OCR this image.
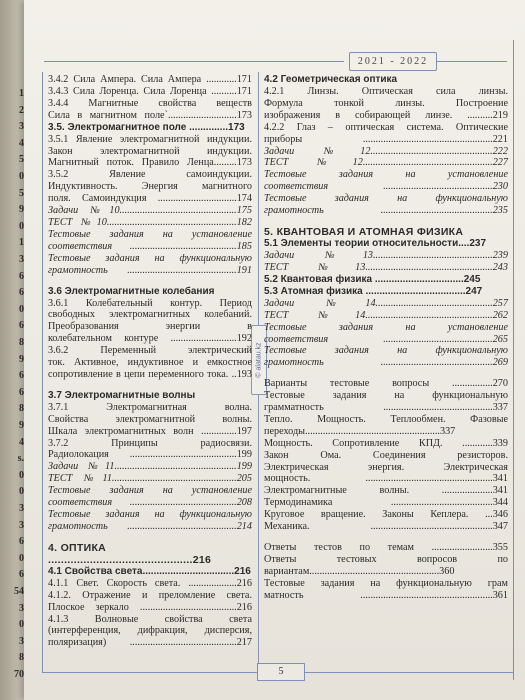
1
2
3
4
5
0
5
9
0
1
3
6
6
0
6
8
9
6
6
8
9
4
s.
0
0
3
3
6
0
6
54
3
0
3
8
70
2021 - 2022
© alatau.kz

3.4.2 Сила Ампера. Сила Ампера ............171

3.4.3 Сила Лоренца. Сила Лоренца ..........171

3.4.4 Магнитные свойства веществ

Сила в магнитном поле`...........................173

3.5. Электромагнитное поле ..............173

3.5.1 Явление электромагнитной индукции.

Закон электромагнитной индукции.

Магнитный поток. Правило Ленца.........173

3.5.2 Явление самоиндукции.

Индуктивность. Энергия магнитного

поля. Самоиндукция ...............................174

Задачи №10..............................................175

ТЕСТ №10...................................................182

Тестовые задания на установление

соответствия ..........................................185

Тестовые задания на функциональную

грамотность ...........................................191

3.6 Электромагнитные колебания

3.6.1 Колебательный контур. Период

свободных электромагнитных колебаний.

Преобразования энергии в

колебательном контуре ..........................192

3.6.2 Переменный электрический

ток. Активное, индуктивное и емкостное

сопротивление в цепи переменного тока. ..193

3.7 Электромагнитные волны

3.7.1 Электромагнитная волна.

Свойства электромагнитной волны.

Шкала электромагнитных волн ..............197

3.7.2 Принципы радиосвязи.

Радиолокация ..........................................199

Задачи №11................................................199

ТЕСТ №11.................................................205

Тестовые задания на установление

соответствия ..........................................208

Тестовые задания на функциональную

грамотность ...........................................214

4. ОПТИКА .............................................216

4.1 Свойства света.................................216

4.1.1 Свет. Скорость света. ...................216

4.1.2. Отражение и преломление света.

Плоское зеркало ......................................216

4.1.3 Волновые свойства света

(интерференция, дифракция, дисперсия,

поляризация) ..........................................217

4.2 Геометрическая оптика

4.2.1 Линзы. Оптическая сила линзы.

Формула тонкой линзы. Построение

изображения в собирающей линзе. ..........219

4.2.2 Глаз – оптическая система. Оптические

приборы ...................................................221

Задачи №12................................................222

ТЕСТ №12...................................................227

Тестовые задания на установление

соответствия ...........................................230

Тестовые задания на функциональную

грамотность ............................................235

5. КВАНТОВАЯ И АТОМНАЯ ФИЗИКА

5.1 Элементы теории относительности....237

Задачи №13...............................................239

ТЕСТ №13..................................................243

5.2 Квантовая физика ................................245

5.3 Атомная физика ....................................247

Задачи №14..............................................257

ТЕСТ №14..................................................262

Тестовые задания на установление

соответствия ...........................................265

Тестовые задания на функциональную

грамотность ............................................269

Варианты тестовые вопросы ................270

Тестовые задания на функциональную

грамматность ...........................................337

Тепло. Мощность. Теплообмен. Фазовые

переходы.....................................................337

Мощность. Сопротивление КПД. ............339

Закон Ома. Соединения резисторов.

Электрическая энергия. Электрическая

мощность. ..................................................341

Электромагнитные волны. ....................341

Термодинамика ........................................344

Круговое вращение. Законы Кеплера. ...346

Механика. ................................................347

Ответы тестов по темам ........................355

Ответы тестовых вопросов по

вариантам...................................................360

Тестовые задания на функциональную грам

матность ....................................................361

5
